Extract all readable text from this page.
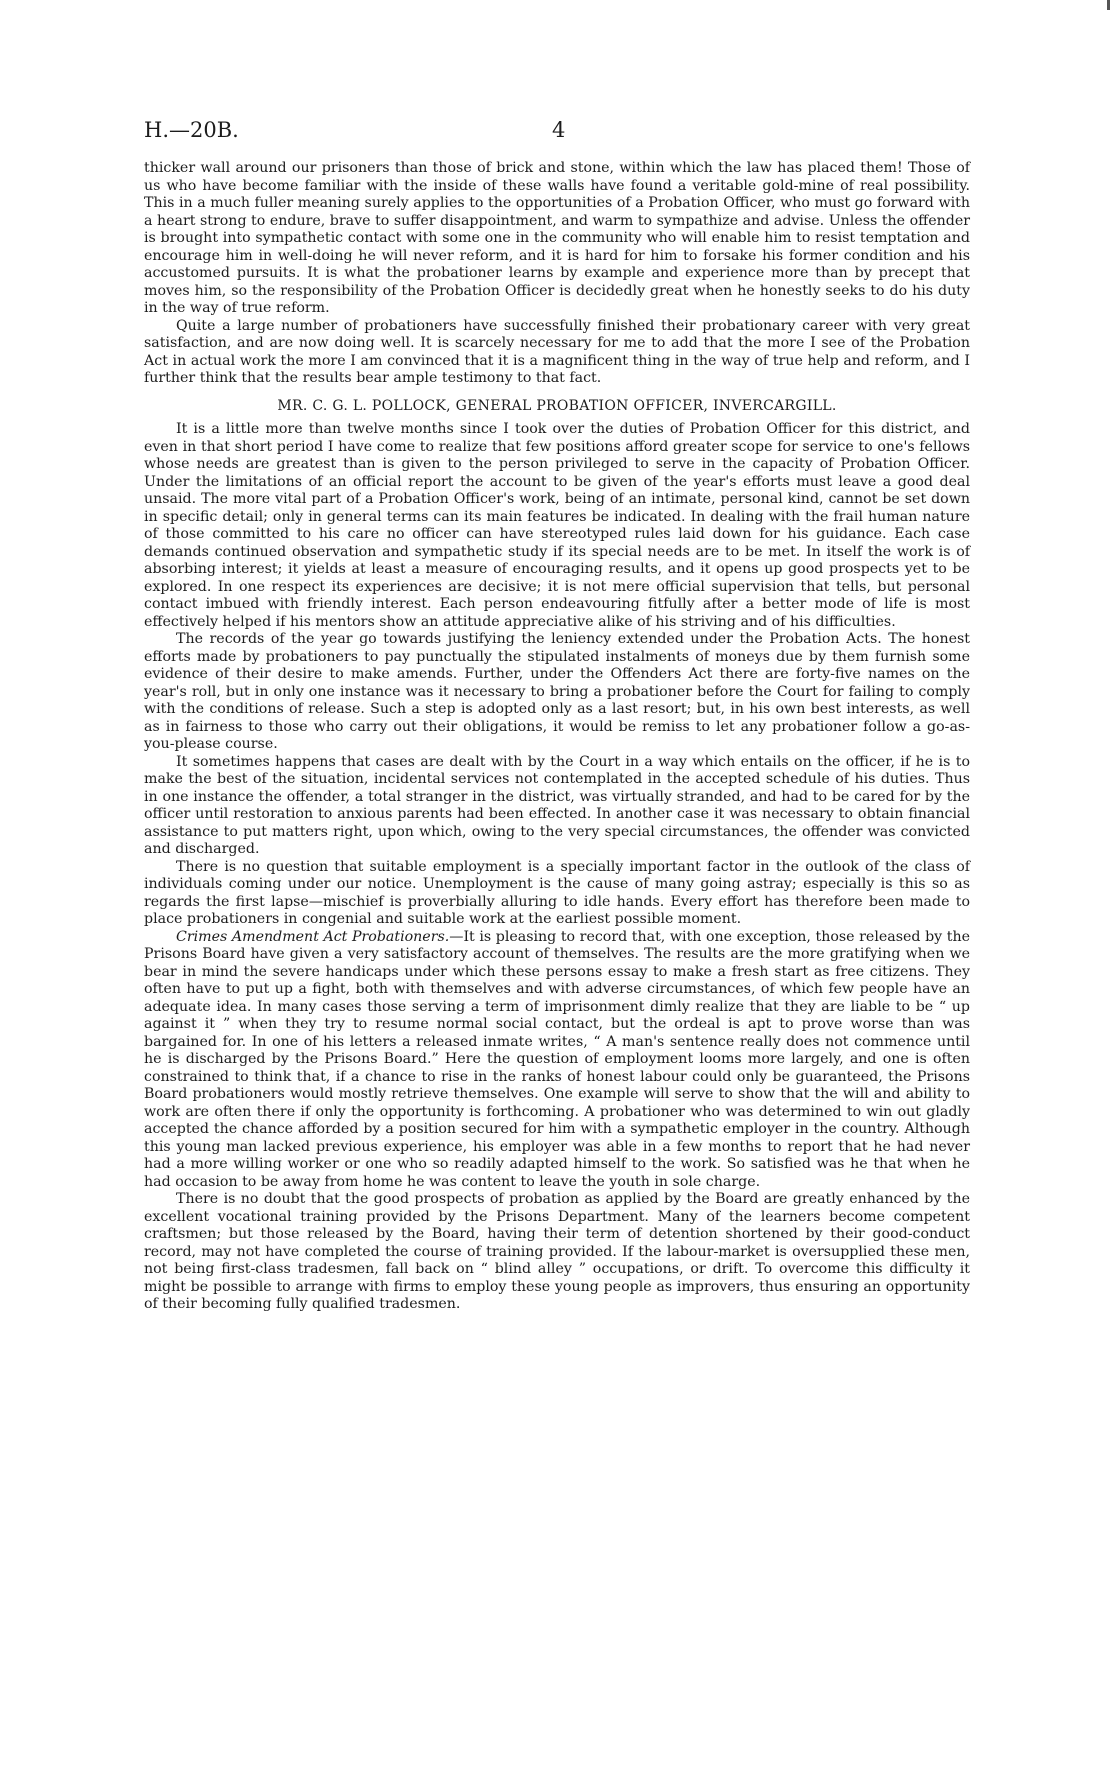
H.—20B.	4

thicker wall around our prisoners than those of brick and stone, within which the law has placed them! Those of us who have become familiar with the inside of these walls have found a veritable gold-mine of real possibility. This in a much fuller meaning surely applies to the opportunities of a Probation Officer, who must go forward with a heart strong to endure, brave to suffer disappointment, and warm to sympathize and advise. Unless the offender is brought into sympathetic contact with some one in the community who will enable him to resist temptation and encourage him in well-doing he will never reform, and it is hard for him to forsake his former condition and his accustomed pursuits. It is what the probationer learns by example and experience more than by precept that moves him, so the responsibility of the Probation Officer is decidedly great when he honestly seeks to do his duty in the way of true reform.

Quite a large number of probationers have successfully finished their probationary career with very great satisfaction, and are now doing well. It is scarcely necessary for me to add that the more I see of the Probation Act in actual work the more I am convinced that it is a magnificent thing in the way of true help and reform, and I further think that the results bear ample testimony to that fact.

MR. C. G. L. POLLOCK, GENERAL PROBATION OFFICER, INVERCARGILL.

It is a little more than twelve months since I took over the duties of Probation Officer for this district, and even in that short period I have come to realize that few positions afford greater scope for service to one's fellows whose needs are greatest than is given to the person privileged to serve in the capacity of Probation Officer. Under the limitations of an official report the account to be given of the year's efforts must leave a good deal unsaid. The more vital part of a Probation Officer's work, being of an intimate, personal kind, cannot be set down in specific detail; only in general terms can its main features be indicated. In dealing with the frail human nature of those committed to his care no officer can have stereotyped rules laid down for his guidance. Each case demands continued observation and sympathetic study if its special needs are to be met. In itself the work is of absorbing interest; it yields at least a measure of encouraging results, and it opens up good prospects yet to be explored. In one respect its experiences are decisive; it is not mere official supervision that tells, but personal contact imbued with friendly interest. Each person endeavouring fitfully after a better mode of life is most effectively helped if his mentors show an attitude appreciative alike of his striving and of his difficulties.

The records of the year go towards justifying the leniency extended under the Probation Acts. The honest efforts made by probationers to pay punctually the stipulated instalments of moneys due by them furnish some evidence of their desire to make amends. Further, under the Offenders Act there are forty-five names on the year's roll, but in only one instance was it necessary to bring a probationer before the Court for failing to comply with the conditions of release. Such a step is adopted only as a last resort; but, in his own best interests, as well as in fairness to those who carry out their obligations, it would be remiss to let any probationer follow a go-as-you-please course.

It sometimes happens that cases are dealt with by the Court in a way which entails on the officer, if he is to make the best of the situation, incidental services not contemplated in the accepted schedule of his duties. Thus in one instance the offender, a total stranger in the district, was virtually stranded, and had to be cared for by the officer until restoration to anxious parents had been effected. In another case it was necessary to obtain financial assistance to put matters right, upon which, owing to the very special circumstances, the offender was convicted and discharged.

There is no question that suitable employment is a specially important factor in the outlook of the class of individuals coming under our notice. Unemployment is the cause of many going astray; especially is this so as regards the first lapse—mischief is proverbially alluring to idle hands. Every effort has therefore been made to place probationers in congenial and suitable work at the earliest possible moment.

Crimes Amendment Act Probationers.—It is pleasing to record that, with one exception, those released by the Prisons Board have given a very satisfactory account of themselves. The results are the more gratifying when we bear in mind the severe handicaps under which these persons essay to make a fresh start as free citizens. They often have to put up a fight, both with themselves and with adverse circumstances, of which few people have an adequate idea. In many cases those serving a term of imprisonment dimly realize that they are liable to be “ up against it ” when they try to resume normal social contact, but the ordeal is apt to prove worse than was bargained for. In one of his letters a released inmate writes, “ A man's sentence really does not commence until he is discharged by the Prisons Board.” Here the question of employment looms more largely, and one is often constrained to think that, if a chance to rise in the ranks of honest labour could only be guaranteed, the Prisons Board probationers would mostly retrieve themselves. One example will serve to show that the will and ability to work are often there if only the opportunity is forthcoming. A probationer who was determined to win out gladly accepted the chance afforded by a position secured for him with a sympathetic employer in the country. Although this young man lacked previous experience, his employer was able in a few months to report that he had never had a more willing worker or one who so readily adapted himself to the work. So satisfied was he that when he had occasion to be away from home he was content to leave the youth in sole charge.

There is no doubt that the good prospects of probation as applied by the Board are greatly enhanced by the excellent vocational training provided by the Prisons Department. Many of the learners become competent craftsmen; but those released by the Board, having their term of detention shortened by their good-conduct record, may not have completed the course of training provided. If the labour-market is oversupplied these men, not being first-class tradesmen, fall back on “ blind alley ” occupations, or drift. To overcome this difficulty it might be possible to arrange with firms to employ these young people as improvers, thus ensuring an opportunity of their becoming fully qualified tradesmen.
